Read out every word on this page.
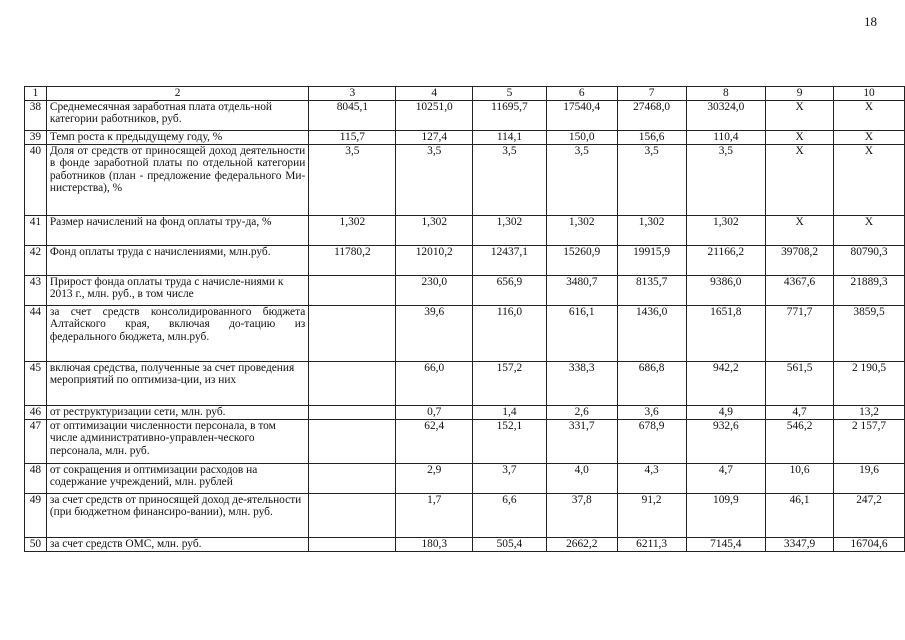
18
1	2	3	4	5	6	7	8	9	10
38	Среднемесячная заработная плата отдель-ной категории работников, руб.	8045,1	10251,0	11695,7	17540,4	27468,0	30324,0	X	X
39	Темп роста к предыдущему году, %	115,7	127,4	114,1	150,0	156,6	110,4	X	X
40	Доля от средств от приносящей доход деятельности в фонде заработной платы по отдельной категории работников (план - предложение федерального Ми-нистерства), %	3,5	3,5	3,5	3,5	3,5	3,5	X	X
41	Размер начислений на фонд оплаты тру-да, %	1,302	1,302	1,302	1,302	1,302	1,302	X	X
42	Фонд оплаты труда с начислениями, млн.руб.	11780,2	12010,2	12437,1	15260,9	19915,9	21166,2	39708,2	80790,3
43	Прирост фонда оплаты труда с начисле-ниями к 2013 г., млн. руб., в том числе		230,0	656,9	3480,7	8135,7	9386,0	4367,6	21889,3
44	за счет средств консолидированного бюджета Алтайского края, включая до-тацию из федерального бюджета, млн.руб.		39,6	116,0	616,1	1436,0	1651,8	771,7	3859,5
45	включая средства, полученные за счет проведения мероприятий по оптимиза-ции, из них		66,0	157,2	338,3	686,8	942,2	561,5	2 190,5
46	от реструктуризации сети, млн. руб.		0,7	1,4	2,6	3,6	4,9	4,7	13,2
47	от оптимизации численности персонала, в том числе административно-управлен-ческого персонала, млн. руб.		62,4	152,1	331,7	678,9	932,6	546,2	2 157,7
48	от сокращения и оптимизации расходов на содержание учреждений, млн. рублей		2,9	3,7	4,0	4,3	4,7	10,6	19,6
49	за счет средств от приносящей доход де-ятельности (при бюджетном финансиро-вании), млн. руб.		1,7	6,6	37,8	91,2	109,9	46,1	247,2
50	за счет средств ОМС, млн. руб.		180,3	505,4	2662,2	6211,3	7145,4	3347,9	16704,6
